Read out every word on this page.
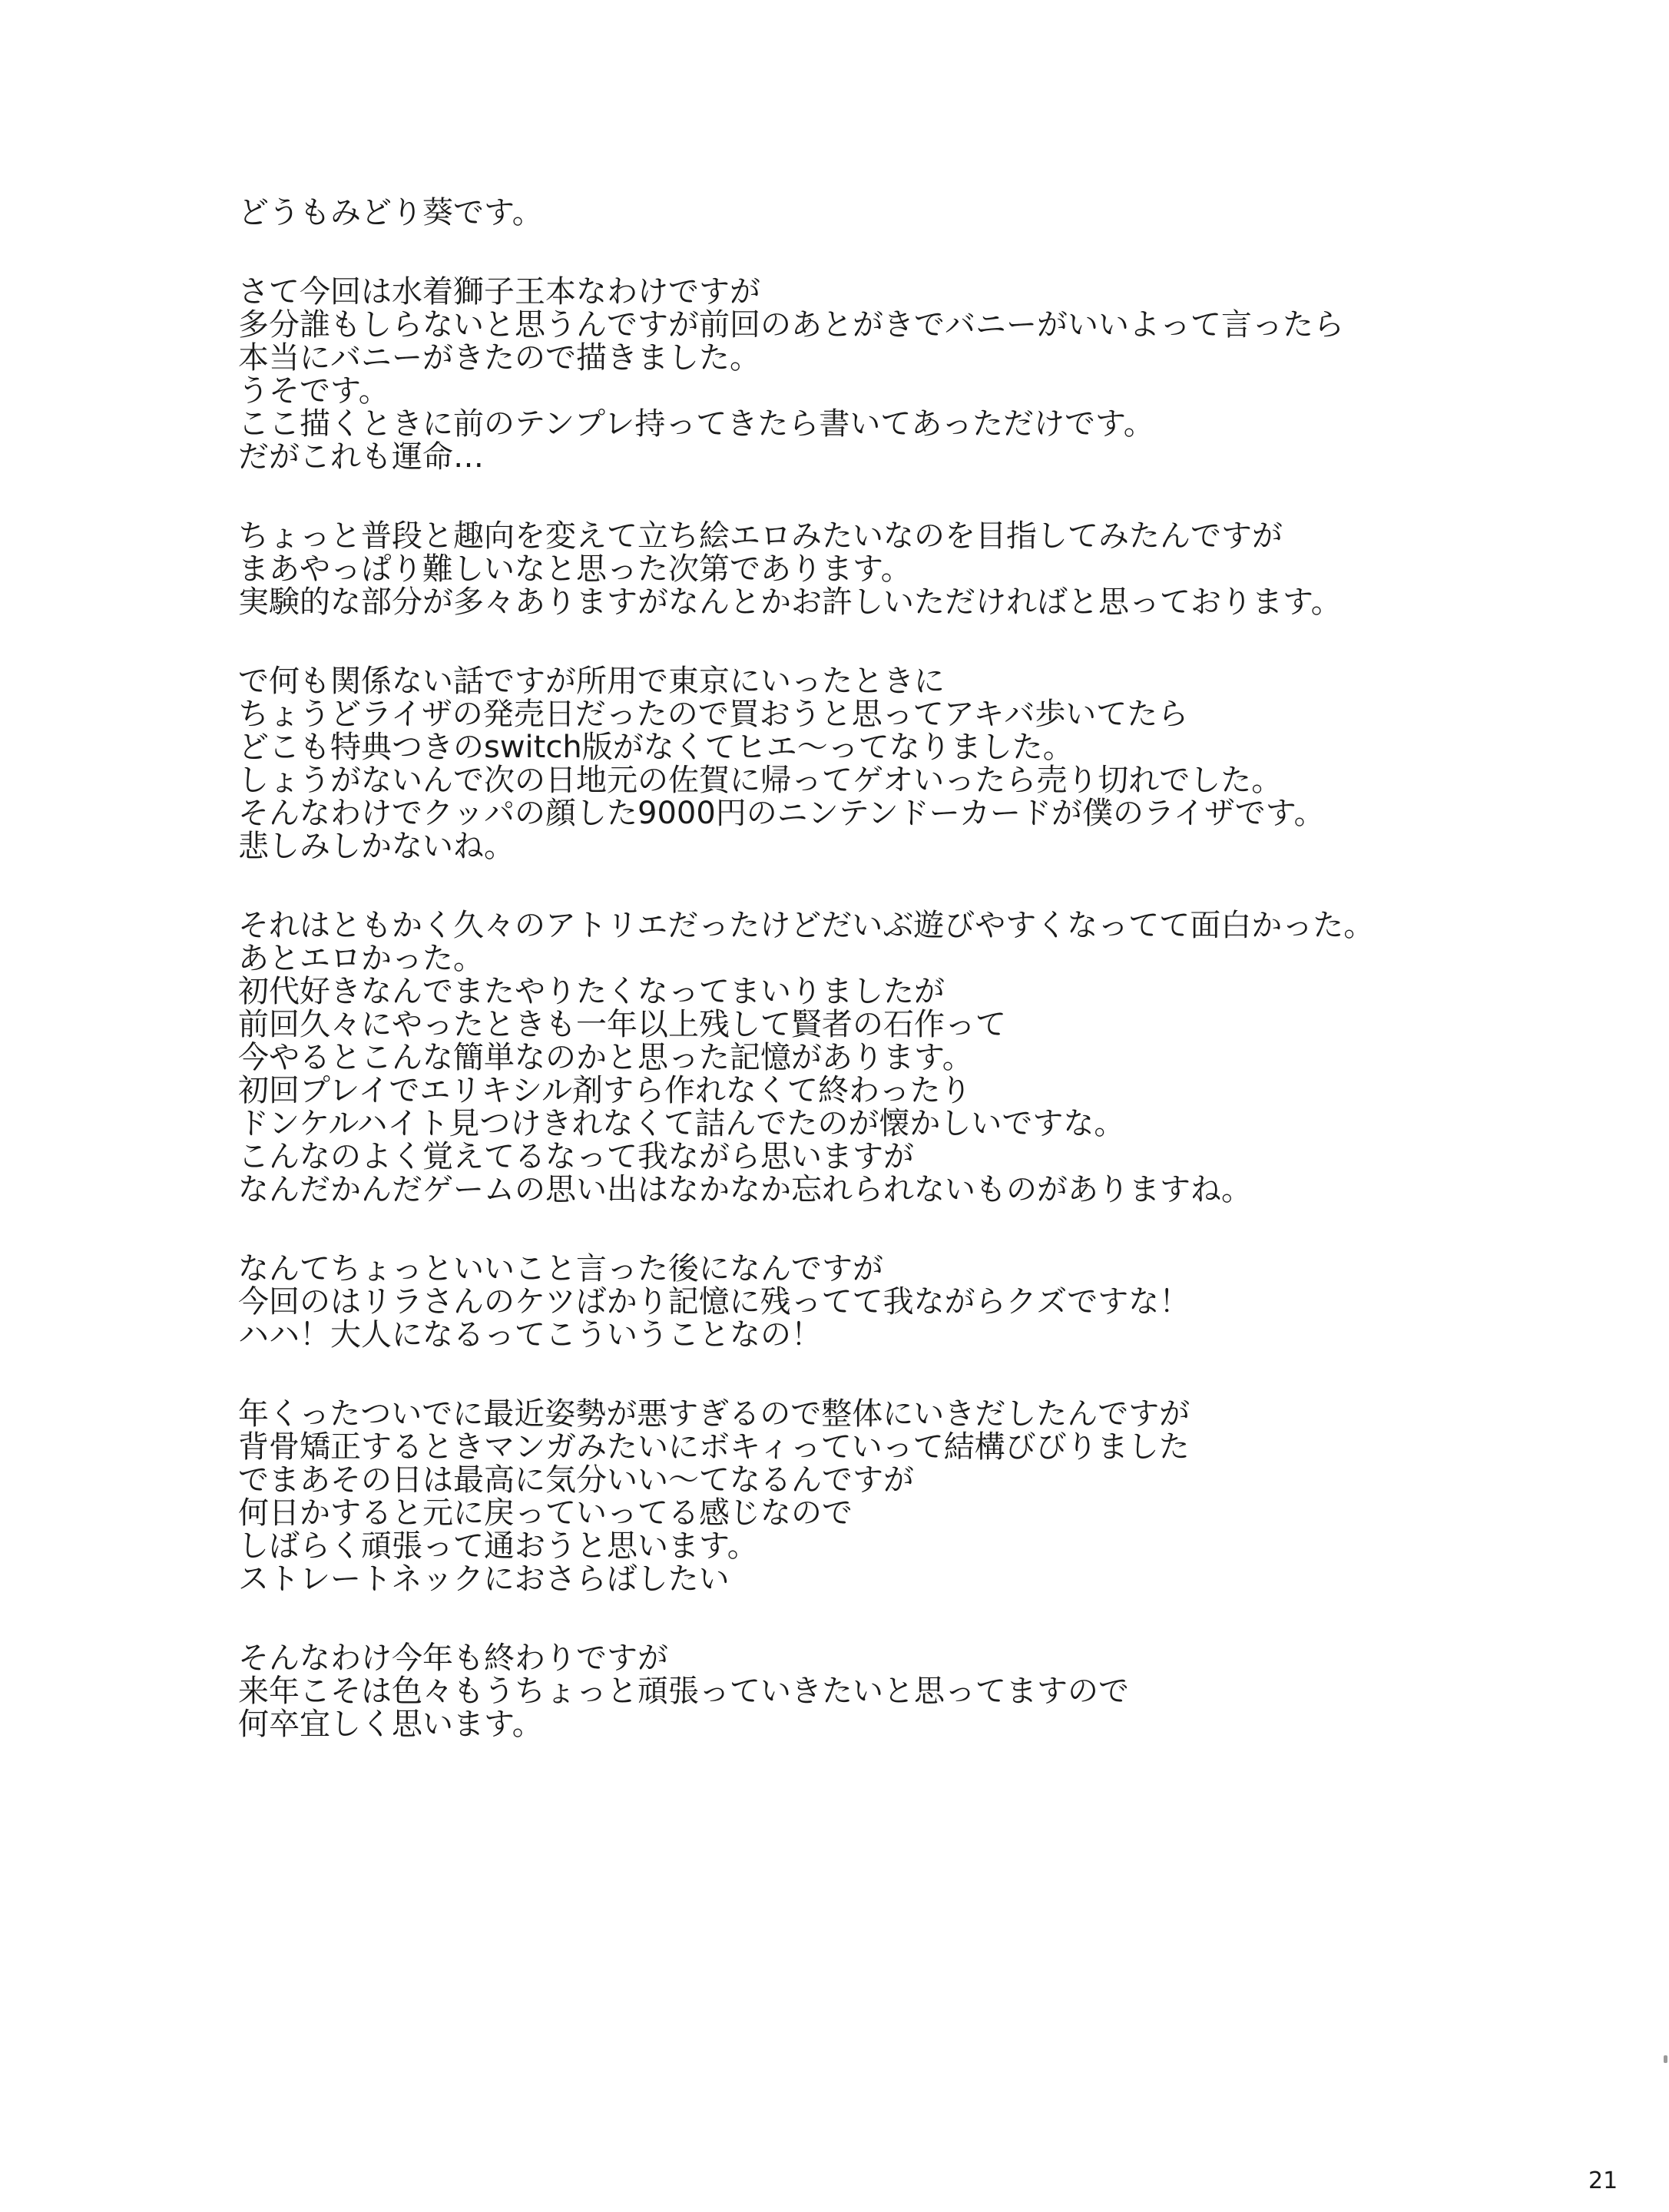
どうもみどり葵です。
さて今回は水着獅子王本なわけですが
多分誰もしらないと思うんですが前回のあとがきでバニーがいいよって言ったら
本当にバニーがきたので描きました。
うそです。
ここ描くときに前のテンプレ持ってきたら書いてあっただけです。
だがこれも運命…
ちょっと普段と趣向を変えて立ち絵エロみたいなのを目指してみたんですが
まあやっぱり難しいなと思った次第であります。
実験的な部分が多々ありますがなんとかお許しいただければと思っております。
で何も関係ない話ですが所用で東京にいったときに
ちょうどライザの発売日だったので買おうと思ってアキバ歩いてたら
どこも特典つきのswitch版がなくてヒエ～ってなりました。
しょうがないんで次の日地元の佐賀に帰ってゲオいったら売り切れでした。
そんなわけでクッパの顔した9000円のニンテンドーカードが僕のライザです。
悲しみしかないね。
それはともかく久々のアトリエだったけどだいぶ遊びやすくなってて面白かった。
あとエロかった。
初代好きなんでまたやりたくなってまいりましたが
前回久々にやったときも一年以上残して賢者の石作って
今やるとこんな簡単なのかと思った記憶があります。
初回プレイでエリキシル剤すら作れなくて終わったり
ドンケルハイト見つけきれなくて詰んでたのが懐かしいですな。
こんなのよく覚えてるなって我ながら思いますが
なんだかんだゲームの思い出はなかなか忘れられないものがありますね。
なんてちょっといいこと言った後になんですが
今回のはリラさんのケツばかり記憶に残ってて我ながらクズですな！
ハハ！大人になるってこういうことなの！
年くったついでに最近姿勢が悪すぎるので整体にいきだしたんですが
背骨矯正するときマンガみたいにボキィっていって結構びびりました
でまあその日は最高に気分いい～てなるんですが
何日かすると元に戻っていってる感じなので
しばらく頑張って通おうと思います。
ストレートネックにおさらばしたい
そんなわけ今年も終わりですが
来年こそは色々もうちょっと頑張っていきたいと思ってますので
何卒宜しく思います。
21
